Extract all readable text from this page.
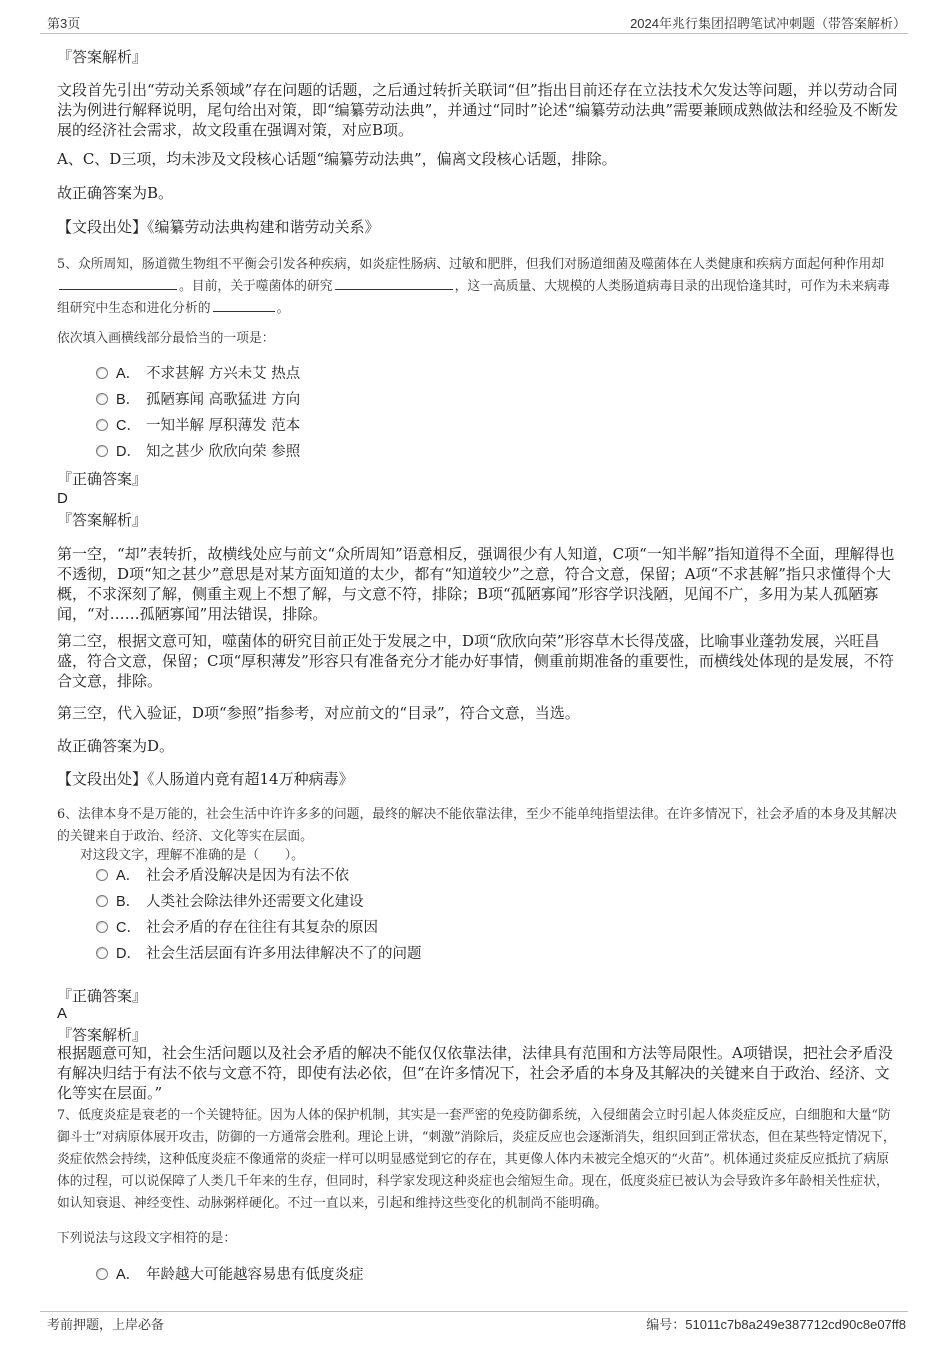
第3页	2024年兆行集团招聘笔试冲刺题（带答案解析）
『答案解析』
文段首先引出“劳动关系领域”存在问题的话题，之后通过转折关联词“但”指出目前还存在立法技术欠发达等问题，并以劳动合同法为例进行解释说明，尾句给出对策，即“编纂劳动法典”，并通过“同时”论述“编纂劳动法典”需要兼顾成熟做法和经验及不断发展的经济社会需求，故文段重在强调对策，对应B项。
A、C、D三项，均未涉及文段核心话题“编纂劳动法典”，偏离文段核心话题，排除。
故正确答案为B。
【文段出处】《编纂劳动法典构建和谐劳动关系》
5、众所周知，肠道微生物组不平衡会引发各种疾病，如炎症性肠病、过敏和肥胖，但我们对肠道细菌及噬菌体在人类健康和疾病方面起何种作用却。目前，关于噬菌体的研究	，这一高质量、大规模的人类肠道病毒目录的出现恰逢其时，可作为未来病毒组研究中生态和进化分析的	。
依次填入画横线部分最恰当的一项是：
A． 不求甚解 方兴未艾 热点
B． 孤陋寡闻 高歌猛进 方向
C． 一知半解 厚积薄发 范本
D． 知之甚少 欣欣向荣 参照
『正确答案』
D
『答案解析』
第一空，“却”表转折，故横线处应与前文“众所周知”语意相反，强调很少有人知道，C项“一知半解”指知道得不全面，理解得也不透彻，D项“知之甚少”意思是对某方面知道的太少，都有“知道较少”之意，符合文意，保留；A项“不求甚解”指只求懂得个大概，不求深刻了解，侧重主观上不想了解，与文意不符，排除；B项“孤陋寡闻”形容学识浅陋，见闻不广，多用为某人孤陋寡闻，“对……孤陋寡闻”用法错误，排除。
第二空，根据文意可知，噬菌体的研究目前正处于发展之中，D项“欣欣向荣”形容草木长得茂盛，比喻事业蓬勃发展，兴旺昌盛，符合文意，保留；C项“厚积薄发”形容只有准备充分才能办好事情，侧重前期准备的重要性，而横线处体现的是发展，不符合文意，排除。
第三空，代入验证，D项“参照”指参考，对应前文的“目录”，符合文意，当选。
故正确答案为D。
【文段出处】《人肠道内竟有超14万种病毒》
6、法律本身不是万能的，社会生活中许许多多的问题，最终的解决不能依靠法律，至少不能单纯指望法律。在许多情况下，社会矛盾的本身及其解决的关键来自于政治、经济、文化等实在层面。
对这段文字，理解不准确的是（　　）。
A． 社会矛盾没解决是因为有法不依
B． 人类社会除法律外还需要文化建设
C． 社会矛盾的存在往往有其复杂的原因
D． 社会生活层面有许多用法律解决不了的问题
『正确答案』
A
『答案解析』
根据题意可知，社会生活问题以及社会矛盾的解决不能仅仅依靠法律，法律具有范围和方法等局限性。A项错误，把社会矛盾没有解决归结于有法不依与文意不符，即使有法必依，但“在许多情况下，社会矛盾的本身及其解决的关键来自于政治、经济、文化等实在层面。”
7、低度炎症是衰老的一个关键特征。因为人体的保护机制，其实是一套严密的免疫防御系统，入侵细菌会立时引起人体炎症反应，白细胞和大量“防御斗士”对病原体展开攻击，防御的一方通常会胜利。理论上讲，“刺激”消除后，炎症反应也会逐渐消失，组织回到正常状态，但在某些特定情况下，炎症依然会持续，这种低度炎症不像通常的炎症一样可以明显感觉到它的存在，其更像人体内未被完全熄灭的“火苗”。机体通过炎症反应抵抗了病原体的过程，可以说保障了人类几千年来的生存，但同时，科学家发现这种炎症也会缩短生命。现在，低度炎症已被认为会导致许多年龄相关性症状，如认知衰退、神经变性、动脉粥样硬化。不过一直以来，引起和维持这些变化的机制尚不能明确。
下列说法与这段文字相符的是：
A． 年龄越大可能越容易患有低度炎症
考前押题，上岸必备	编号：51011c7b8a249e387712cd90c8e07ff8
